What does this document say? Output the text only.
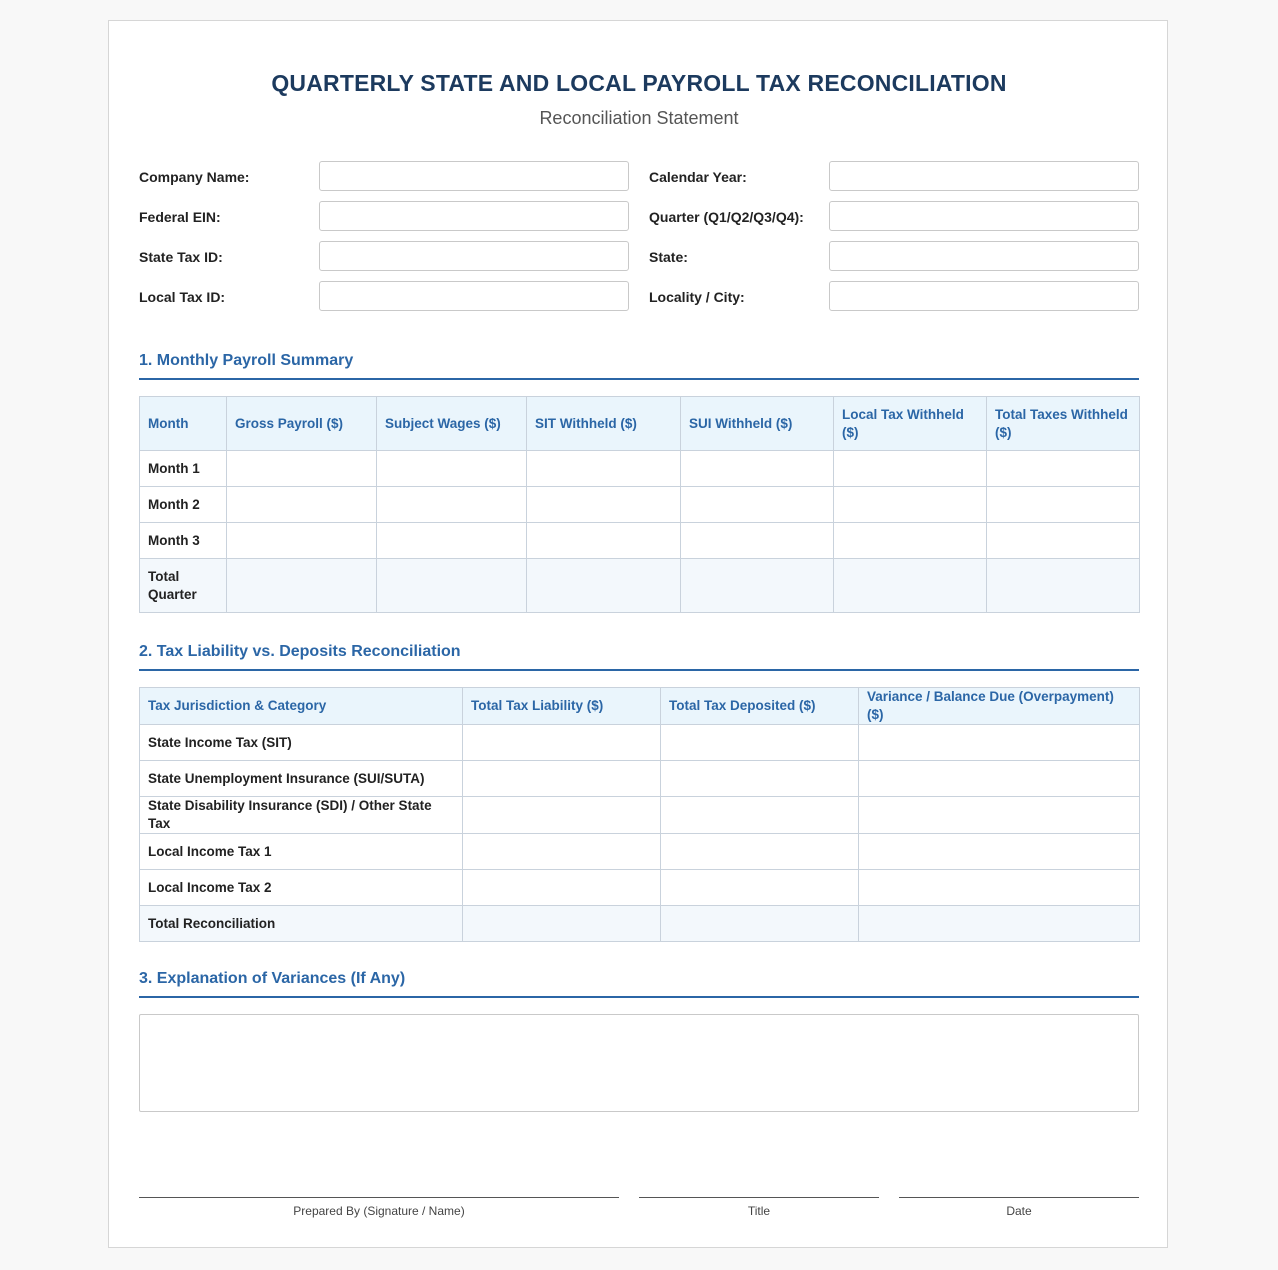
QUARTERLY STATE AND LOCAL PAYROLL TAX RECONCILIATION
Reconciliation Statement
Company Name:	Calendar Year:
Federal EIN:	Quarter (Q1/Q2/Q3/Q4):
State Tax ID:	State:
Local Tax ID:	Locality / City:
1. Monthly Payroll Summary
Month	Gross Payroll ($)	Subject Wages ($)	SIT Withheld ($)	SUI Withheld ($)	Local Tax Withheld ($)	Total Taxes Withheld ($)
Month 1						
Month 2						
Month 3						
Total Quarter						
2. Tax Liability vs. Deposits Reconciliation
Tax Jurisdiction & Category	Total Tax Liability ($)	Total Tax Deposited ($)	Variance / Balance Due (Overpayment) ($)
State Income Tax (SIT)			
State Unemployment Insurance (SUI/SUTA)			
State Disability Insurance (SDI) / Other State Tax			
Local Income Tax 1			
Local Income Tax 2			
Total Reconciliation			
3. Explanation of Variances (If Any)
Prepared By (Signature / Name)	Title	Date
